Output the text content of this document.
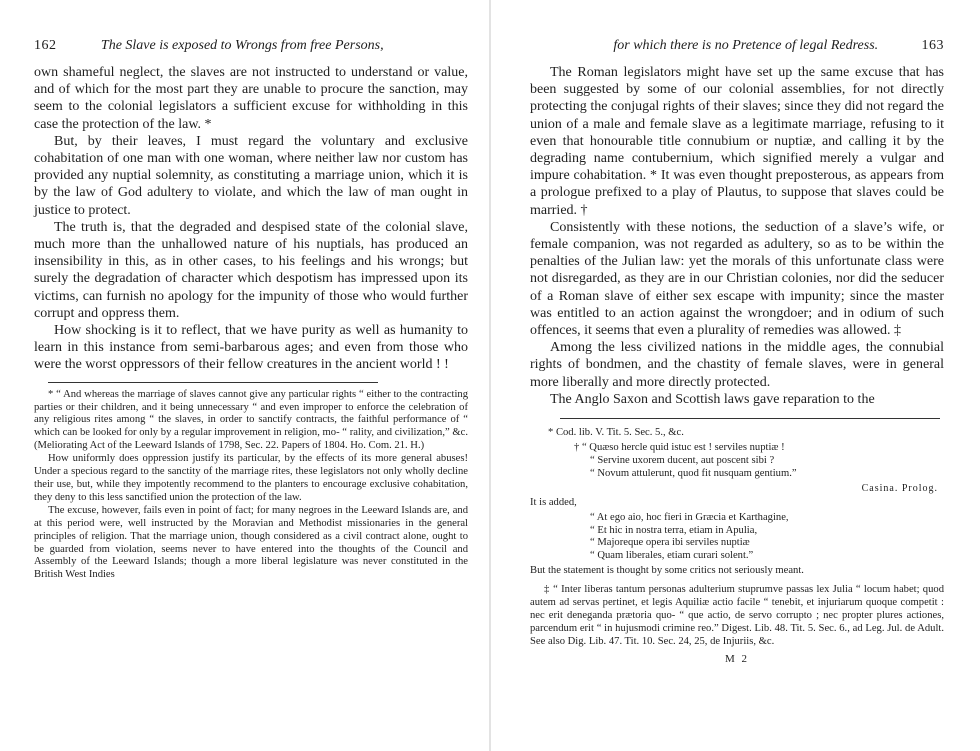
162	The Slave is exposed to Wrongs from free Persons,

own shameful neglect, the slaves are not instructed to understand or value, and of which for the most part they are unable to procure the sanction, may seem to the colonial legislators a sufficient excuse for withholding in this case the protection of the law. *

But, by their leaves, I must regard the voluntary and exclusive cohabitation of one man with one woman, where neither law nor custom has provided any nuptial solemnity, as constituting a marriage union, which it is by the law of God adultery to violate, and which the law of man ought in justice to protect.

The truth is, that the degraded and despised state of the colonial slave, much more than the unhallowed nature of his nuptials, has produced an insensibility in this, as in other cases, to his feelings and his wrongs; but surely the degradation of character which despotism has impressed upon its victims, can furnish no apology for the impunity of those who would further corrupt and oppress them.

How shocking is it to reflect, that we have purity as well as humanity to learn in this instance from semi-barbarous ages; and even from those who were the worst oppressors of their fellow creatures in the ancient world ! !

* “ And whereas the marriage of slaves cannot give any particular rights “ either to the contracting parties or their children, and it being unnecessary “ and even improper to enforce the celebration of any religious rites among “ the slaves, in order to sanctify contracts, the faithful performance of “ which can be looked for only by a regular improvement in religion, mo- “ rality, and civilization,” &c. (Meliorating Act of the Leeward Islands of 1798, Sec. 22. Papers of 1804. Ho. Com. 21. H.)

How uniformly does oppression justify its particular, by the effects of its more general abuses! Under a specious regard to the sanctity of the marriage rites, these legislators not only wholly decline their use, but, while they impotently recommend to the planters to encourage exclusive cohabitation, they deny to this less sanctified union the protection of the law.

The excuse, however, fails even in point of fact; for many negroes in the Leeward Islands are, and at this period were, well instructed by the Moravian and Methodist missionaries in the general principles of religion. That the marriage union, though considered as a civil contract alone, ought to be guarded from violation, seems never to have entered into the thoughts of the Council and Assembly of the Leeward Islands; though a more liberal legislature was never constituted in the British West Indies

for which there is no Pretence of legal Redress.	163

The Roman legislators might have set up the same excuse that has been suggested by some of our colonial assemblies, for not directly protecting the conjugal rights of their slaves; since they did not regard the union of a male and female slave as a legitimate marriage, refusing to it even that honourable title connubium or nuptiæ, and calling it by the degrading name contubernium, which signified merely a vulgar and impure cohabitation. * It was even thought preposterous, as appears from a prologue prefixed to a play of Plautus, to suppose that slaves could be married. †

Consistently with these notions, the seduction of a slave’s wife, or female companion, was not regarded as adultery, so as to be within the penalties of the Julian law: yet the morals of this unfortunate class were not disregarded, as they are in our Christian colonies, nor did the seducer of a Roman slave of either sex escape with impunity; since the master was entitled to an action against the wrongdoer; and in odium of such offences, it seems that even a plurality of remedies was allowed. ‡

Among the less civilized nations in the middle ages, the connubial rights of bondmen, and the chastity of female slaves, were in general more liberally and more directly protected.

The Anglo Saxon and Scottish laws gave reparation to the

* Cod. lib. V. Tit. 5. Sec. 5., &c.

† “ Quæso hercle quid istuc est ! serviles nuptiæ !
“ Servine uxorem ducent, aut poscent sibi ?
“ Novum attulerunt, quod fit nusquam gentium.”
Casina. Prolog.

It is added,

“ At ego aio, hoc fieri in Græcia et Karthagine,
“ Et hic in nostra terra, etiam in Apulia,
“ Majoreque opera ibi serviles nuptiæ
“ Quam liberales, etiam curari solent.”

But the statement is thought by some critics not seriously meant.

‡ “ Inter liberas tantum personas adulterium stuprumve passas lex Julia “ locum habet; quod autem ad servas pertinet, et legis Aquiliæ actio facile “ tenebit, et injuriarum quoque competit : nec erit deneganda prætoria quo- “ que actio, de servo corrupto ; nec propter plures actiones, parcendum erit “ in hujusmodi crimine reo.” Digest. Lib. 48. Tit. 5. Sec. 6., ad Leg. Jul. de Adult. See also Dig. Lib. 47. Tit. 10. Sec. 24, 25, de Injuriis, &c.

M 2
